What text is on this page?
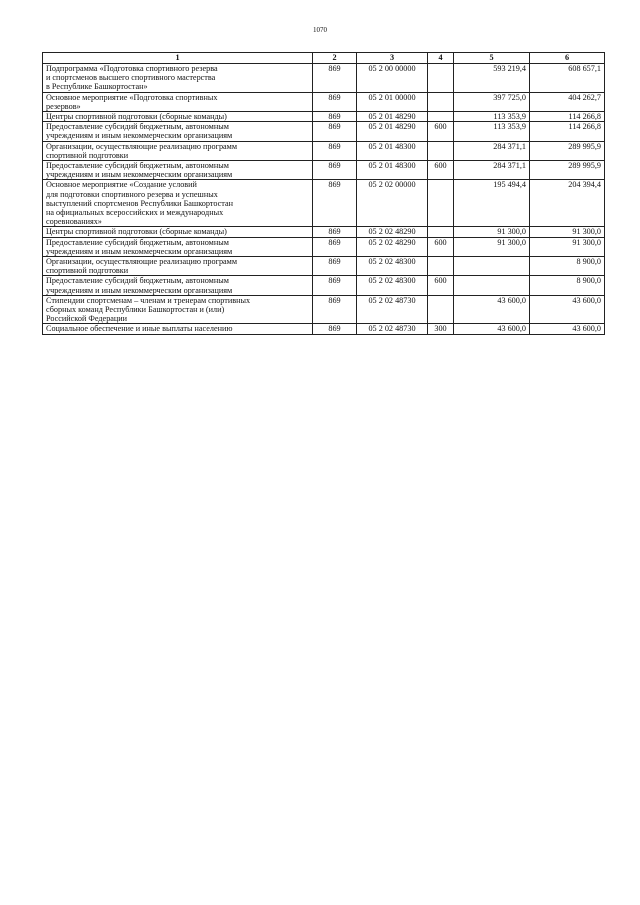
1070
1	2	3	4	5	6
Подпрограмма «Подготовка спортивного резерва
и спортсменов высшего спортивного мастерства
в Республике Башкортостан»	869	05 2 00 00000		593 219,4	608 657,1
Основное мероприятие «Подготовка спортивных
резервов»	869	05 2 01 00000		397 725,0	404 262,7
Центры спортивной подготовки (сборные команды)	869	05 2 01 48290		113 353,9	114 266,8
Предоставление субсидий бюджетным, автономным
учреждениям и иным некоммерческим организациям	869	05 2 01 48290	600	113 353,9	114 266,8
Организации, осуществляющие реализацию программ
спортивной подготовки	869	05 2 01 48300		284 371,1	289 995,9
Предоставление субсидий бюджетным, автономным
учреждениям и иным некоммерческим организациям	869	05 2 01 48300	600	284 371,1	289 995,9
Основное мероприятие «Создание условий
для подготовки спортивного резерва и успешных
выступлений спортсменов Республики Башкортостан
на официальных всероссийских и международных
соревнованиях»	869	05 2 02 00000		195 494,4	204 394,4
Центры спортивной подготовки (сборные команды)	869	05 2 02 48290		91 300,0	91 300,0
Предоставление субсидий бюджетным, автономным
учреждениям и иным некоммерческим организациям	869	05 2 02 48290	600	91 300,0	91 300,0
Организации, осуществляющие реализацию программ
спортивной подготовки	869	05 2 02 48300			8 900,0
Предоставление субсидий бюджетным, автономным
учреждениям и иным некоммерческим организациям	869	05 2 02 48300	600		8 900,0
Стипендии спортсменам – членам и тренерам спортивных
сборных команд Республики Башкортостан и (или)
Российской Федерации	869	05 2 02 48730		43 600,0	43 600,0
Социальное обеспечение и иные выплаты населению	869	05 2 02 48730	300	43 600,0	43 600,0
